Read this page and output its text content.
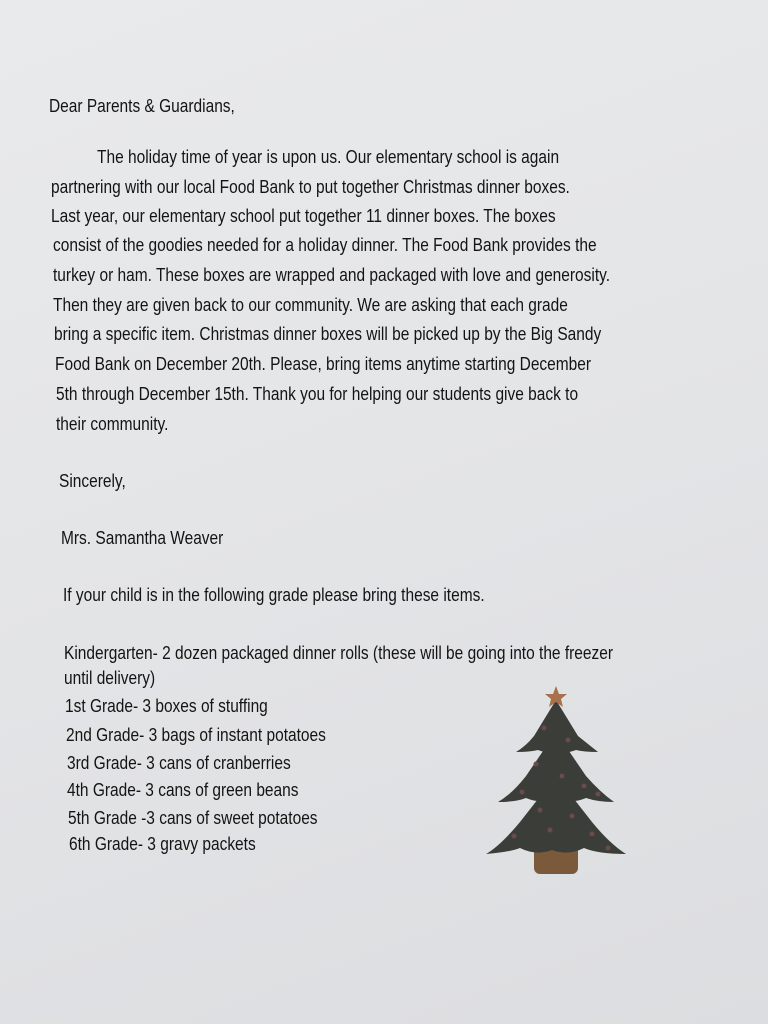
Dear Parents & Guardians,
The holiday time of year is upon us. Our elementary school is again
partnering with our local Food Bank to put together Christmas dinner boxes.
Last year, our elementary school put together 11 dinner boxes. The boxes
consist of the goodies needed for a holiday dinner. The Food Bank provides the
turkey or ham. These boxes are wrapped and packaged with love and generosity.
Then they are given back to our community. We are asking that each grade
bring a specific item. Christmas dinner boxes will be picked up by the Big Sandy
Food Bank on December 20th. Please, bring items anytime starting December
5th through December 15th. Thank you for helping our students give back to
their community.
Sincerely,
Mrs. Samantha Weaver
If your child is in the following grade please bring these items.
Kindergarten- 2 dozen packaged dinner rolls (these will be going into the freezer
until delivery)
1st Grade- 3 boxes of stuffing
2nd Grade- 3 bags of instant potatoes
3rd Grade- 3 cans of cranberries
4th Grade- 3 cans of green beans
5th Grade -3 cans of sweet potatoes
6th Grade- 3 gravy packets
